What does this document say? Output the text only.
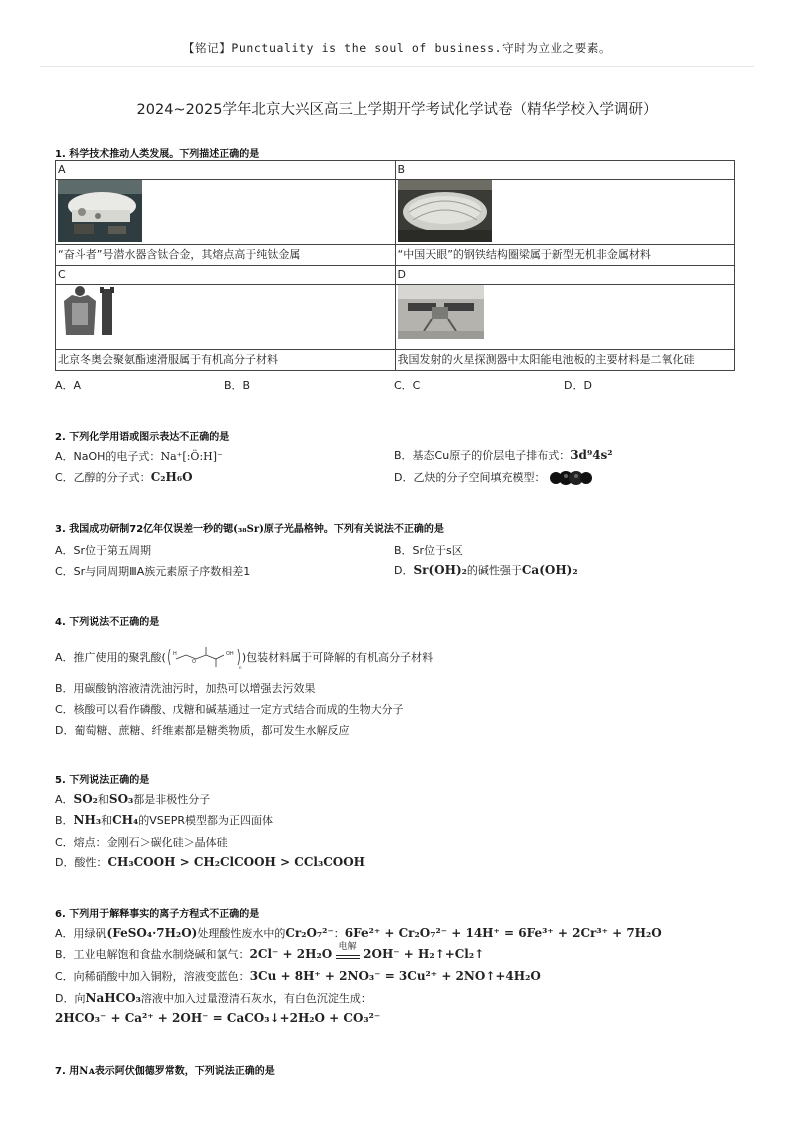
【铭记】Punctuality is the soul of business.守时为立业之要素。
2024~2025学年北京大兴区高三上学期开学考试化学试卷（精华学校入学调研）
1. 科学技术推动人类发展。下列描述正确的是
A	B

“奋斗者”号潜水器含钛合金，其熔点高于纯钛金属	“中国天眼”的钢铁结构圈梁属于新型无机非金属材料
C	D

北京冬奥会聚氨酯速滑服属于有机高分子材料	我国发射的火星探测器中太阳能电池板的主要材料是二氧化硅
A．A	B．B	C．C	D．D
2. 下列化学用语或图示表达不正确的是
A．NaOH的电子式：Na⁺[:Ö:H]⁻	B．基态Cu原子的价层电子排布式：3d⁹4s²
C．乙醇的分子式：C₂H₆O	D．乙炔的分子空间填充模型：
3. 我国成功研制72亿年仅误差一秒的锶(₃₈Sr)原子光晶格钟。下列有关说法不正确的是
A．Sr位于第五周期	B．Sr位于s区
C．Sr与同周期ⅢA族元素原子序数相差1	D．Sr(OH)₂的碱性强于Ca(OH)₂
4. 下列说法不正确的是
A．推广使用的聚乳酸(	O
OH
H
n
)包装材料属于可降解的有机高分子材料
B．用碳酸钠溶液清洗油污时，加热可以增强去污效果
C．核酸可以看作磷酸、戊糖和碱基通过一定方式结合而成的生物大分子
D．葡萄糖、蔗糖、纤维素都是糖类物质，都可发生水解反应
5. 下列说法正确的是
A．SO₂和SO₃都是非极性分子
B．NH₃和CH₄的VSEPR模型都为正四面体
C．熔点：金刚石＞碳化硅＞晶体硅
D．酸性：CH₃COOH > CH₂ClCOOH > CCl₃COOH
6. 下列用于解释事实的离子方程式不正确的是
A．用绿矾(FeSO₄·7H₂O)处理酸性废水中的Cr₂O₇²⁻：6Fe²⁺ + Cr₂O₇²⁻ + 14H⁺ = 6Fe³⁺ + 2Cr³⁺ + 7H₂O
B．工业电解饱和食盐水制烧碱和氯气：2Cl⁻ + 2H₂O 电解 2OH⁻ + H₂↑+Cl₂↑
C．向稀硝酸中加入铜粉，溶液变蓝色：3Cu + 8H⁺ + 2NO₃⁻ = 3Cu²⁺ + 2NO↑+4H₂O
D．向NaHCO₃溶液中加入过量澄清石灰水，有白色沉淀生成：
2HCO₃⁻ + Ca²⁺ + 2OH⁻ = CaCO₃↓+2H₂O + CO₃²⁻
7. 用Nᴀ表示阿伏伽德罗常数，下列说法正确的是
